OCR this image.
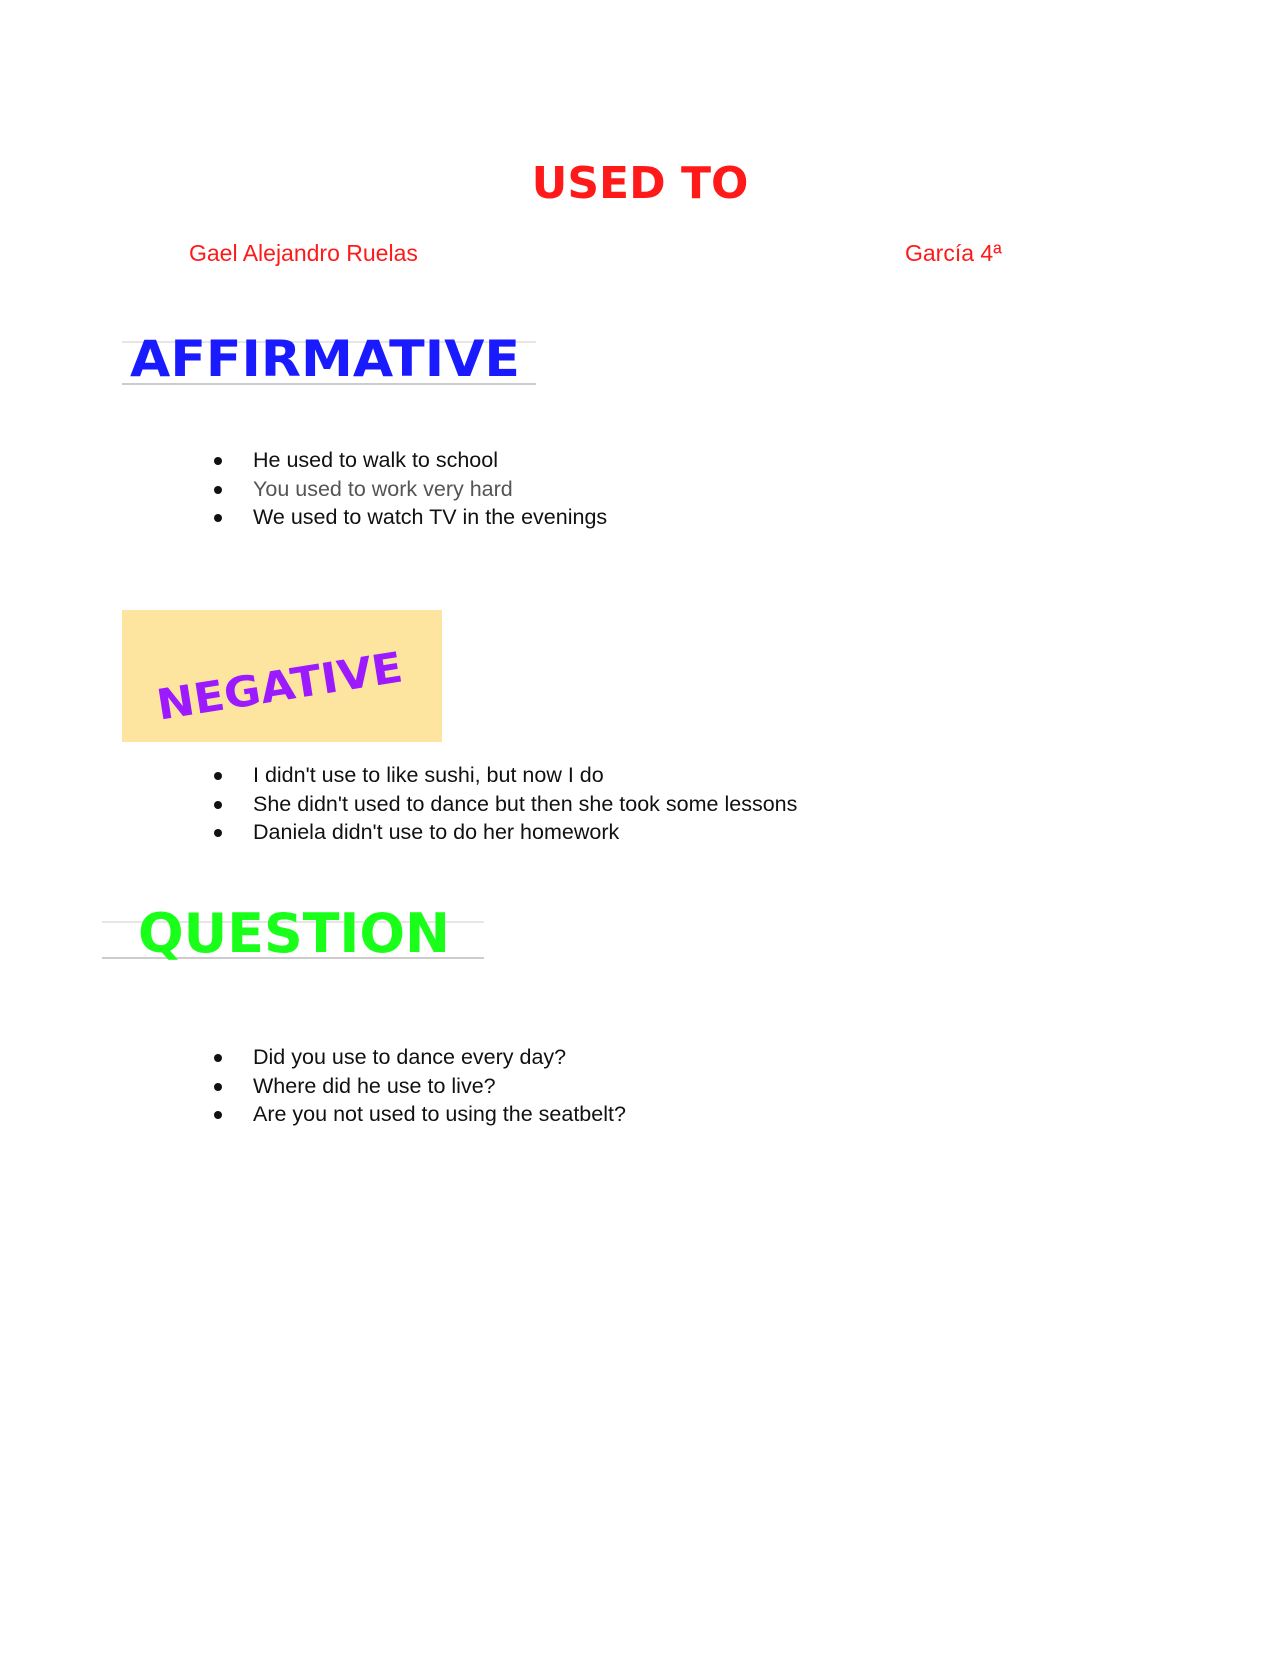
USED TO
Gael Alejandro Ruelas	García 4ª
AFFIRMATIVE
He used to walk to school
You used to work very hard
We used to watch TV in the evenings
NEGATIVE
I didn't use to like sushi, but now I do
She didn't used to dance but then she took some lessons
Daniela didn't use to do her homework
QUESTION
Did you use to dance every day?
Where did he use to live?
Are you not used to using the seatbelt?
